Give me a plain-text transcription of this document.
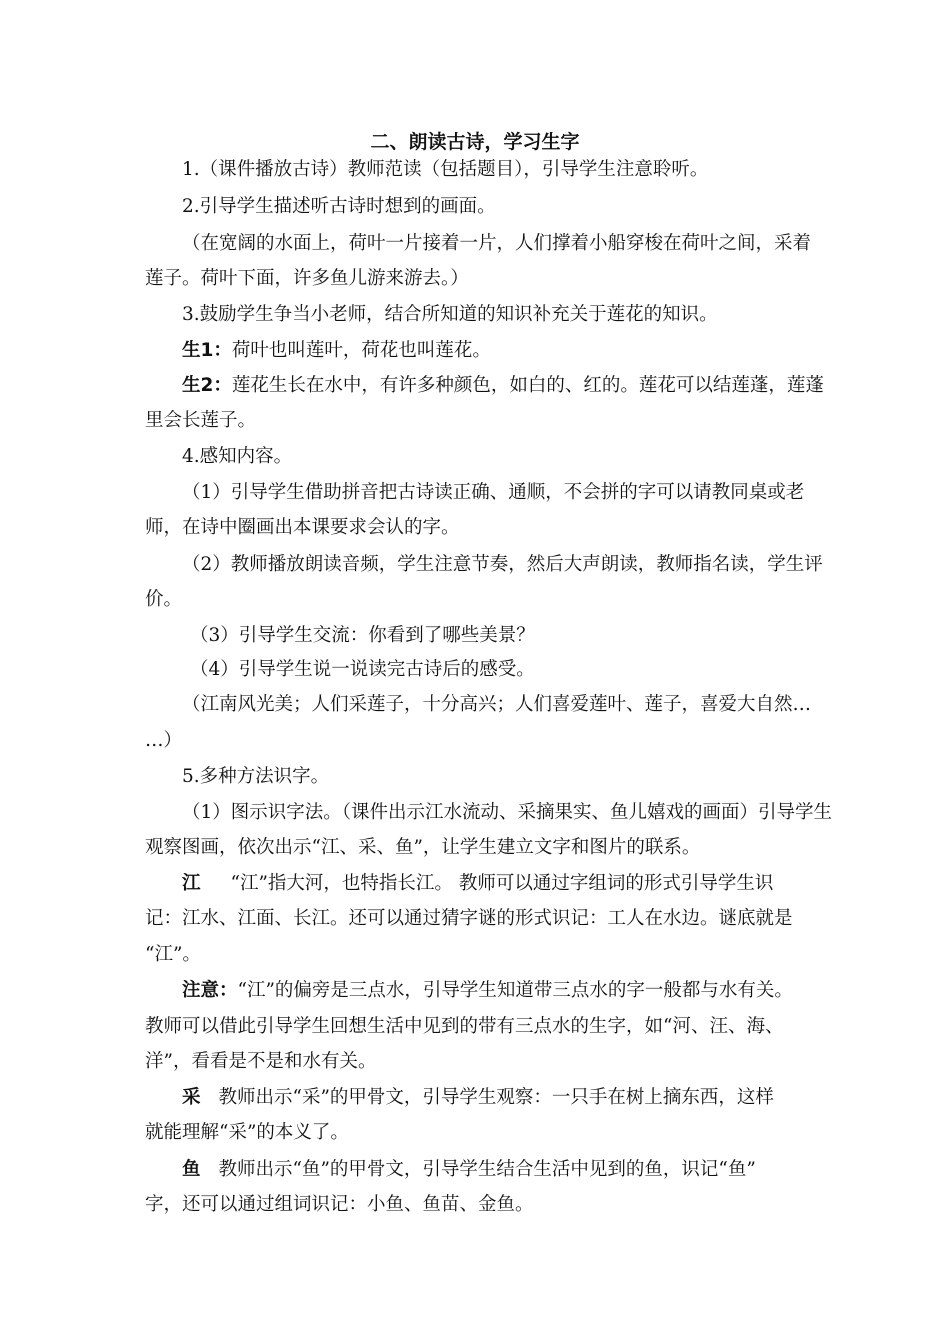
二、朗读古诗，学习生字
1.（课件播放古诗）教师范读（包括题目），引导学生注意聆听。
2.引导学生描述听古诗时想到的画面。
（在宽阔的水面上，荷叶一片接着一片，人们撑着小船穿梭在荷叶之间，采着
莲子。荷叶下面，许多鱼儿游来游去。）
3.鼓励学生争当小老师，结合所知道的知识补充关于莲花的知识。
生1：荷叶也叫莲叶，荷花也叫莲花。
生2：莲花生长在水中，有许多种颜色，如白的、红的。莲花可以结莲蓬，莲蓬
里会长莲子。
4.感知内容。
（1）引导学生借助拼音把古诗读正确、通顺，不会拼的字可以请教同桌或老
师，在诗中圈画出本课要求会认的字。
（2）教师播放朗读音频，学生注意节奏，然后大声朗读，教师指名读，学生评
价。
（3）引导学生交流：你看到了哪些美景？
（4）引导学生说一说读完古诗后的感受。
（江南风光美；人们采莲子，十分高兴；人们喜爱莲叶、莲子，喜爱大自然…
…）
5.多种方法识字。
（1）图示识字法。（课件出示江水流动、采摘果实、鱼儿嬉戏的画面）引导学生
观察图画，依次出示“江、采、鱼”，让学生建立文字和图片的联系。
江 “江”指大河，也特指长江。 教师可以通过字组词的形式引导学生识
记：江水、江面、长江。还可以通过猜字谜的形式识记：工人在水边。谜底就是
“江”。
注意：“江”的偏旁是三点水，引导学生知道带三点水的字一般都与水有关。
教师可以借此引导学生回想生活中见到的带有三点水的生字，如“河、汪、海、
洋”，看看是不是和水有关。
采 教师出示“采”的甲骨文，引导学生观察：一只手在树上摘东西，这样
就能理解“采”的本义了。
鱼 教师出示“鱼”的甲骨文，引导学生结合生活中见到的鱼，识记“鱼”
字，还可以通过组词识记：小鱼、鱼苗、金鱼。
